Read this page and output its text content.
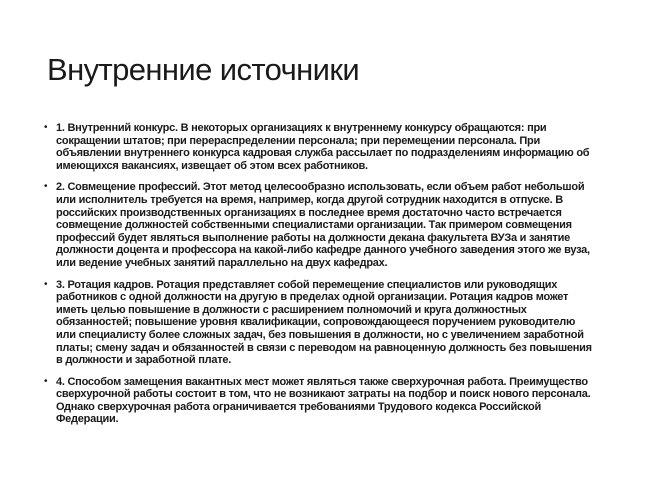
Внутренние источники
• 1. Внутренний конкурс. В некоторых организациях к внутреннему конкурсу обращаются: при сокращении штатов; при перераспределении персонала; при перемещении персонала. При объявлении внутреннего конкурса кадровая служба рассылает по подразделениям информацию об имеющихся вакансиях, извещает об этом всех работников.
• 2. Совмещение профессий. Этот метод целесообразно использовать, если объем работ небольшой или исполнитель требуется на время, например, когда другой сотрудник находится в отпуске. В российских производственных организациях в последнее время достаточно часто встречается совмещение должностей собственными специалистами организации. Так примером совмещения профессий будет являться выполнение работы на должности декана факультета ВУЗа и занятие должности доцента и профессора на какой-либо кафедре данного учебного заведения этого же вуза, или ведение учебных занятий параллельно на двух кафедрах.
• 3. Ротация кадров. Ротация представляет собой перемещение специалистов или руководящих работников с одной должности на другую в пределах одной организации. Ротация кадров может иметь целью повышение в должности с расширением полномочий и круга должностных обязанностей; повышение уровня квалификации, сопровождающееся поручением руководителю или специалисту более сложных задач, без повышения в должности, но с увеличением заработной платы; смену задач и обязанностей в связи с переводом на равноценную должность без повышения в должности и заработной плате.
• 4. Способом замещения вакантных мест может являться также сверхурочная работа. Преимущество сверхурочной работы состоит в том, что не возникают затраты на подбор и поиск нового персонала. Однако сверхурочная работа ограничивается требованиями Трудового кодекса Российской Федерации.
